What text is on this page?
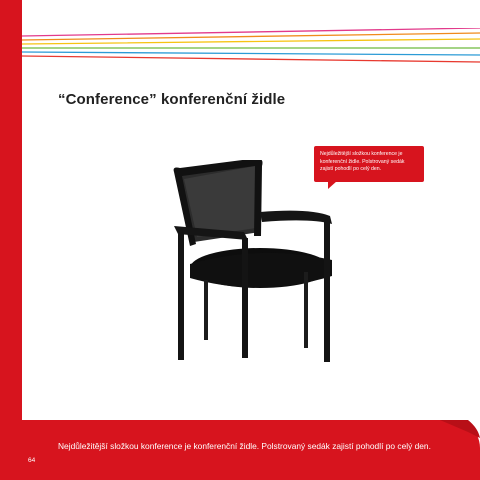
“Conference” konferenční židle
Nejdůležitější složkou konference je konferenční židle. Polstrovaný sedák zajistí pohodlí po celý den.

Nejdůležitější složkou konference je konferenční židle. Polstrovaný sedák zajistí pohodlí po celý den.

64
